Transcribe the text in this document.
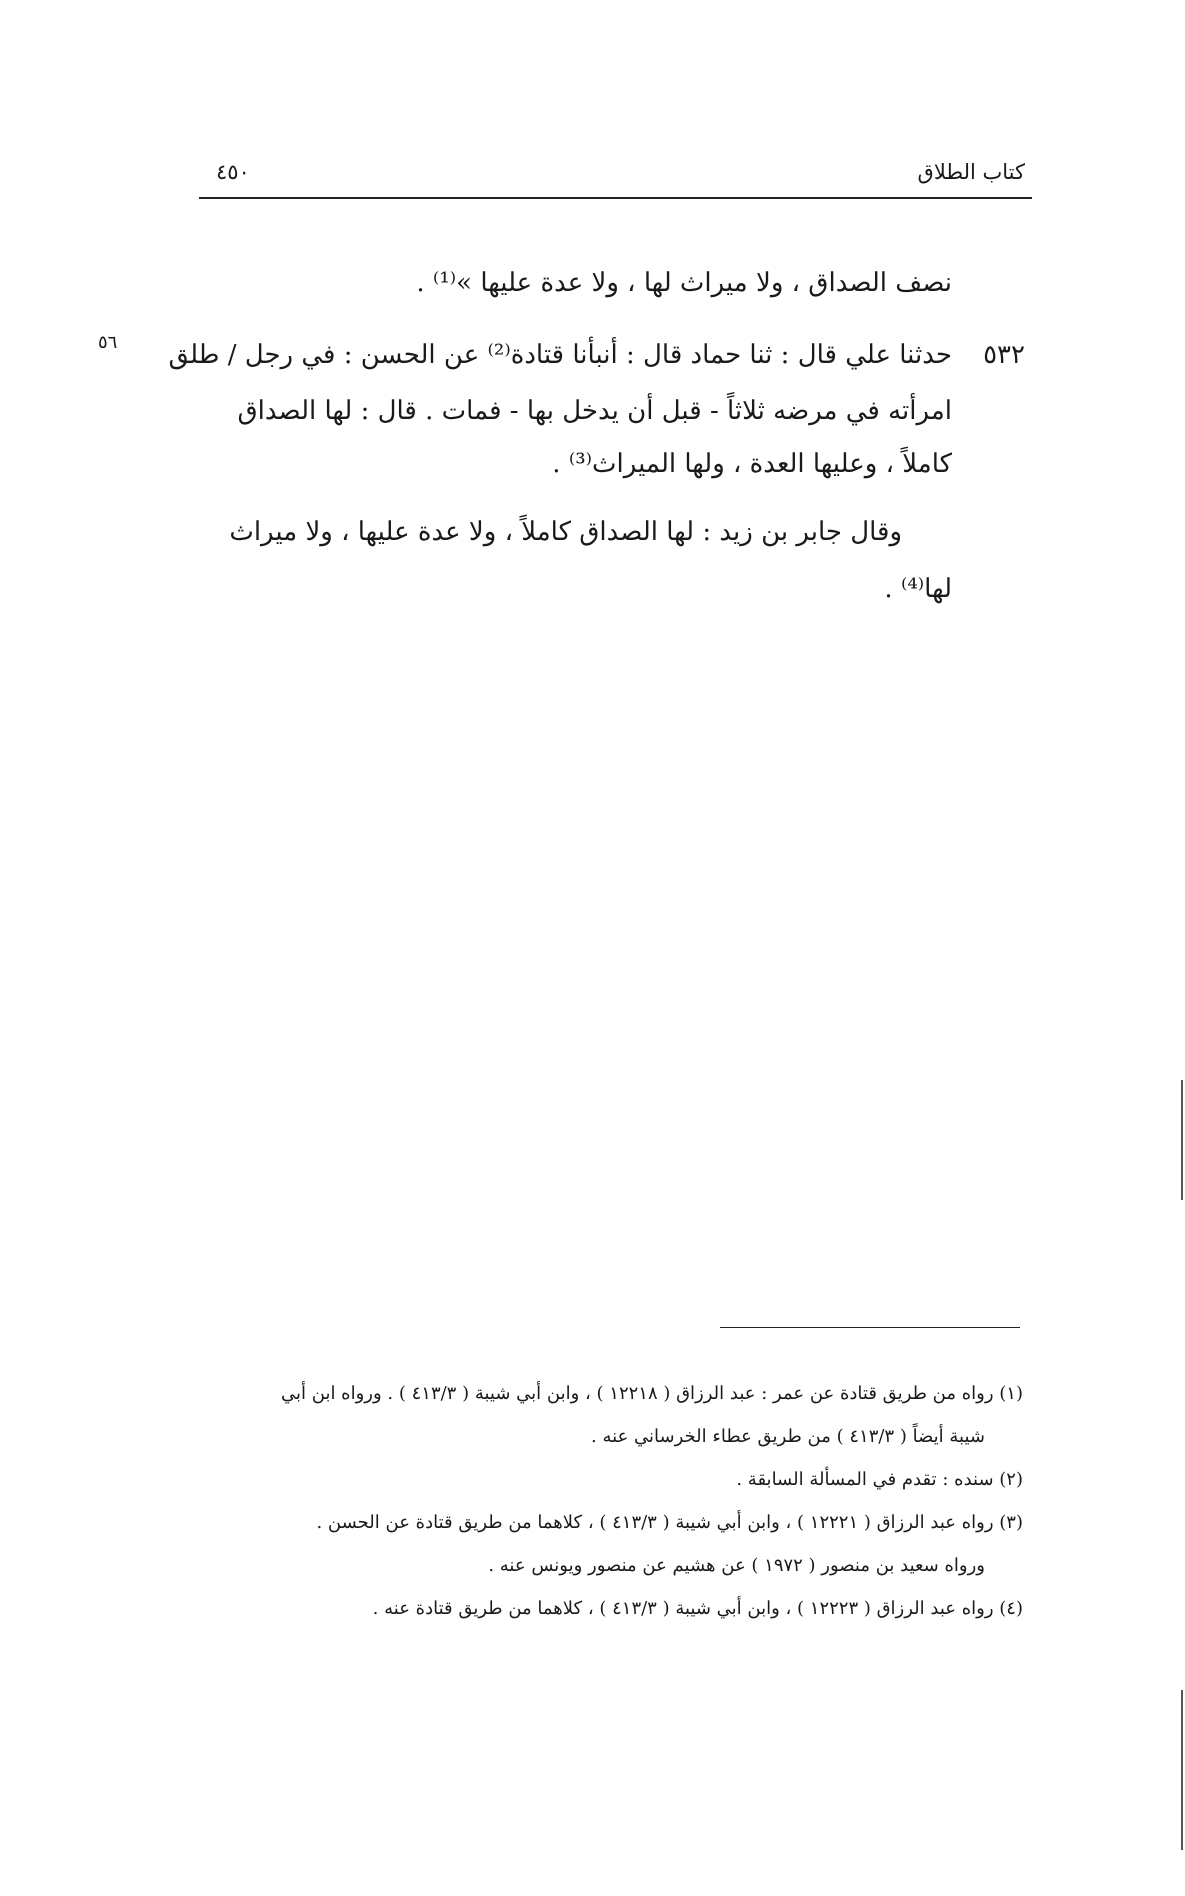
كتاب الطلاق
٤٥٠
٥٦
نصف الصداق ، ولا ميراث لها ، ولا عدة عليها »⁽¹⁾ .
٥٣٢
حدثنا علي قال : ثنا حماد قال : أنبأنا قتادة⁽²⁾ عن الحسن : في رجل / طلق
امرأته في مرضه ثلاثاً - قبل أن يدخل بها - فمات . قال : لها الصداق
كاملاً ، وعليها العدة ، ولها الميراث⁽³⁾ .
وقال جابر بن زيد : لها الصداق كاملاً ، ولا عدة عليها ، ولا ميراث
لها⁽⁴⁾ .
(١) رواه من طريق قتادة عن عمر : عبد الرزاق ( ١٢٢١٨ ) ، وابن أبي شيبة ( ٤١٣/٣ ) . ورواه ابن أبي
شيبة أيضاً ( ٤١٣/٣ ) من طريق عطاء الخرساني عنه .
(٢) سنده : تقدم في المسألة السابقة .
(٣) رواه عبد الرزاق ( ١٢٢٢١ ) ، وابن أبي شيبة ( ٤١٣/٣ ) ، كلاهما من طريق قتادة عن الحسن .
ورواه سعيد بن منصور ( ١٩٧٢ ) عن هشيم عن منصور ويونس عنه .
(٤) رواه عبد الرزاق ( ١٢٢٢٣ ) ، وابن أبي شيبة ( ٤١٣/٣ ) ، كلاهما من طريق قتادة عنه .
